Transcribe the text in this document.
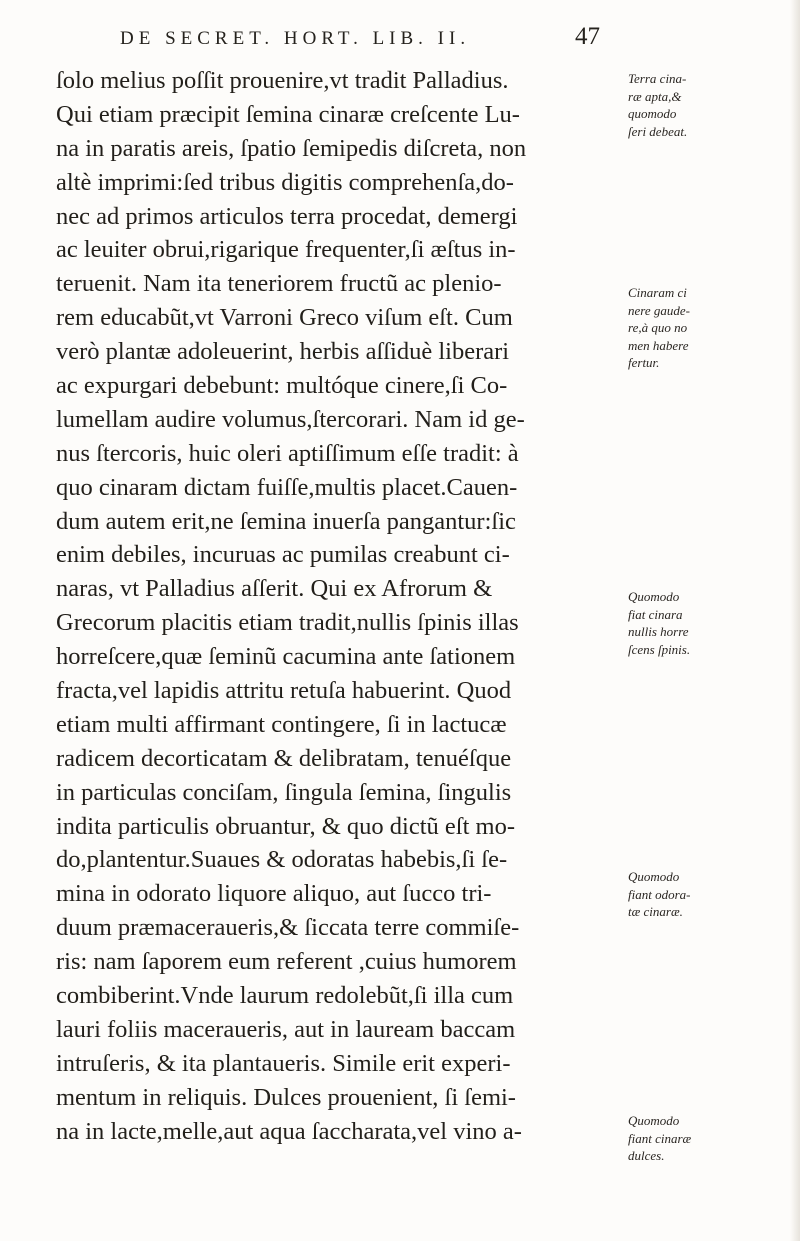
DE SECRET. HORT. LIB. II.	47
ſolo melius poſſit prouenire,vt tradit Palladius.
Qui etiam præcipit ſemina cinaræ creſcente Lu-
na in paratis areis, ſpatio ſemipedis diſcreta, non
altè imprimi:ſed tribus digitis comprehenſa,do-
nec ad primos articulos terra procedat, demergi
ac leuiter obrui,rigarique frequenter,ſi æſtus in-
teruenit. Nam ita teneriorem fructũ ac plenio-
rem educabũt,vt Varroni Greco viſum eſt. Cum
verò plantæ adoleuerint, herbis aſſiduè liberari
ac expurgari debebunt: multóque cinere,ſi Co-
lumellam audire volumus,ſtercorari. Nam id ge-
nus ſtercoris, huic oleri aptiſſimum eſſe tradit: à
quo cinaram dictam fuiſſe,multis placet.Cauen-
dum autem erit,ne ſemina inuerſa pangantur:ſic
enim debiles, incuruas ac pumilas creabunt ci-
naras, vt Palladius aſſerit. Qui ex Afrorum &
Grecorum placitis etiam tradit,nullis ſpinis illas
horreſcere,quæ ſeminũ cacumina ante ſationem
fracta,vel lapidis attritu retuſa habuerint. Quod
etiam multi affirmant contingere, ſi in lactucæ
radicem decorticatam & delibratam, tenuéſque
in particulas conciſam, ſingula ſemina, ſingulis
indita particulis obruantur, & quo dictũ eſt mo-
do,plantentur.Suaues & odoratas habebis,ſi ſe-
mina in odorato liquore aliquo, aut ſucco tri-
duum præmaceraueris,& ſiccata terre commiſe-
ris: nam ſaporem eum referent ,cuius humorem
combiberint.Vnde laurum redolebũt,ſi illa cum
lauri foliis maceraueris, aut in lauream baccam
intruſeris, & ita plantaueris. Simile erit experi-
mentum in reliquis. Dulces prouenient, ſi ſemi-
na in lacte,melle,aut aqua ſaccharata,vel vino a-
Terra cina-
ræ apta,&
quomodo
ſeri debeat.
Cinaram ci
nere gaude-
re,à quo no
men habere
fertur.
Quomodo
fiat cinara
nullis horre
ſcens ſpinis.
Quomodo
fiant odora-
tæ cinaræ.
Quomodo
fiant cinaræ
dulces.
